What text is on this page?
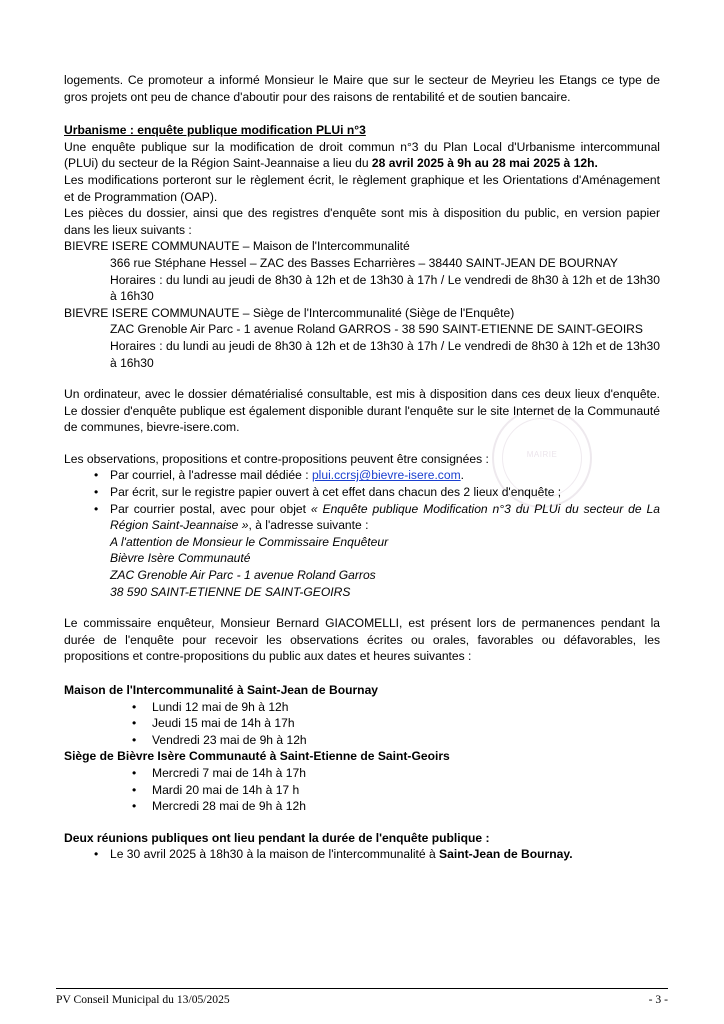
MAIRIE

logements. Ce promoteur a informé Monsieur le Maire que sur le secteur de Meyrieu les Etangs ce type de gros projets ont peu de chance d'aboutir pour des raisons de rentabilité et de soutien bancaire.

Urbanisme : enquête publique modification PLUi n°3

Une enquête publique sur la modification de droit commun n°3 du Plan Local d'Urbanisme intercommunal (PLUi) du secteur de la Région Saint-Jeannaise a lieu du 28 avril 2025 à 9h au 28 mai 2025 à 12h.

Les modifications porteront sur le règlement écrit, le règlement graphique et les Orientations d'Aménagement et de Programmation (OAP).

Les pièces du dossier, ainsi que des registres d'enquête sont mis à disposition du public, en version papier dans les lieux suivants :

BIEVRE ISERE COMMUNAUTE – Maison de l'Intercommunalité

366 rue Stéphane Hessel – ZAC des Basses Echarrières – 38440 SAINT-JEAN DE BOURNAY

Horaires : du lundi au jeudi de 8h30 à 12h et de 13h30 à 17h / Le vendredi de 8h30 à 12h et de 13h30 à 16h30

BIEVRE ISERE COMMUNAUTE – Siège de l'Intercommunalité (Siège de l'Enquête)

ZAC Grenoble Air Parc - 1 avenue Roland GARROS - 38 590 SAINT-ETIENNE DE SAINT-GEOIRS

Horaires : du lundi au jeudi de 8h30 à 12h et de 13h30 à 17h / Le vendredi de 8h30 à 12h et de 13h30 à 16h30

Un ordinateur, avec le dossier dématérialisé consultable, est mis à disposition dans ces deux lieux d'enquête. Le dossier d'enquête publique est également disponible durant l'enquête sur le site Internet de la Communauté de communes, bievre-isere.com.

Les observations, propositions et contre-propositions peuvent être consignées :

• Par courriel, à l'adresse mail dédiée : plui.ccrsj@bievre-isere.com.
• Par écrit, sur le registre papier ouvert à cet effet dans chacun des 2 lieux d'enquête ;
• Par courrier postal, avec pour objet « Enquête publique Modification n°3 du PLUi du secteur de La Région Saint-Jeannaise », à l'adresse suivante :
A l'attention de Monsieur le Commissaire Enquêteur
Bièvre Isère Communauté
ZAC Grenoble Air Parc - 1 avenue Roland Garros
38 590 SAINT-ETIENNE DE SAINT-GEOIRS

Le commissaire enquêteur, Monsieur Bernard GIACOMELLI, est présent lors de permanences pendant la durée de l'enquête pour recevoir les observations écrites ou orales, favorables ou défavorables, les propositions et contre-propositions du public aux dates et heures suivantes :

Maison de l'Intercommunalité à Saint-Jean de Bournay

• Lundi 12 mai de 9h à 12h
• Jeudi 15 mai de 14h à 17h
• Vendredi 23 mai de 9h à 12h

Siège de Bièvre Isère Communauté à Saint-Etienne de Saint-Geoirs

• Mercredi 7 mai de 14h à 17h
• Mardi 20 mai de 14h à 17 h
• Mercredi 28 mai de 9h à 12h

Deux réunions publiques ont lieu pendant la durée de l'enquête publique :

• Le 30 avril 2025 à 18h30 à la maison de l'intercommunalité à Saint-Jean de Bournay.
PV Conseil Municipal du 13/05/2025	- 3 -
